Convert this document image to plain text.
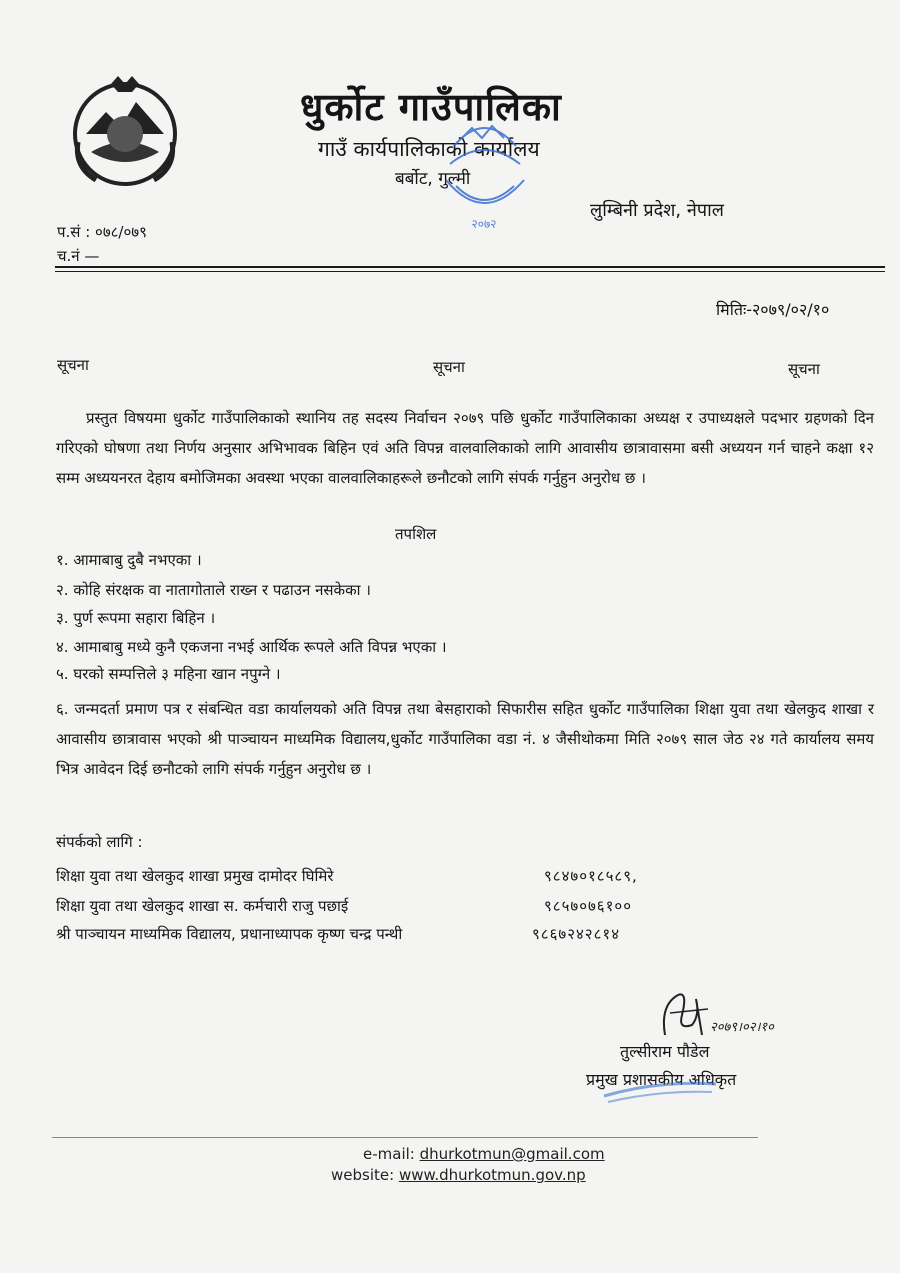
धुर्कोट गाउँपालिका
गाउँ कार्यपालिकाको कार्यालय
बर्बोट, गुल्मी
लुम्बिनी प्रदेश, नेपाल
२०७२
प.सं : ०७८/०७९
च.नं —
मितिः-२०७९/०२/१०
सूचना	सूचना	सूचना
प्रस्तुत विषयमा धुर्कोट गाउँपालिकाको स्थानिय तह सदस्य निर्वाचन २०७९ पछि धुर्कोट गाउँपालिकाका अध्यक्ष र उपाध्यक्षले पदभार ग्रहणको दिन गरिएको घोषणा तथा निर्णय अनुसार अभिभावक बिहिन एवं अति विपन्न वालवालिकाको लागि आवासीय छात्रावासमा बसी अध्ययन गर्न चाहने कक्षा १२ सम्म अध्ययनरत देहाय बमोजिमका अवस्था भएका वालवालिकाहरूले छनौटको लागि संपर्क गर्नुहुन अनुरोध छ ।
तपशिल
१. आमाबाबु दुबै नभएका ।
२. कोहि संरक्षक वा नातागोताले राख्न र पढाउन नसकेका ।
३. पुर्ण रूपमा सहारा बिहिन ।
४. आमाबाबु मध्ये कुनै एकजना नभई आर्थिक रूपले अति विपन्न भएका ।
५. घरको सम्पत्तिले ३ महिना खान नपुग्ने ।
६. जन्मदर्ता प्रमाण पत्र र संबन्धित वडा कार्यालयको अति विपन्न तथा बेसहाराको सिफारीस सहित धुर्कोट गाउँपालिका शिक्षा युवा तथा खेलकुद शाखा र आवासीय छात्रावास भएको श्री पाञ्चायन माध्यमिक विद्यालय,धुर्कोट गाउँपालिका वडा नं. ४ जैसीथोकमा मिति २०७९ साल जेठ २४ गते कार्यालय समय भित्र आवेदन दिई छनौटको लागि संपर्क गर्नुहुन अनुरोध छ ।
संपर्कको लागि :
शिक्षा युवा तथा खेलकुद शाखा प्रमुख दामोदर घिमिरे	९८४७०१८५८९,
शिक्षा युवा तथा खेलकुद शाखा स. कर्मचारी राजु पछाई	९८५७०७६१००
श्री पाञ्चायन माध्यमिक विद्यालय, प्रधानाध्यापक कृष्ण चन्द्र पन्थी	९८६७२४२८१४
२०७९।०२।१०
तुल्सीराम पौडेल
प्रमुख प्रशासकीय अधिकृत
e-mail: dhurkotmun@gmail.com
website: www.dhurkotmun.gov.np
